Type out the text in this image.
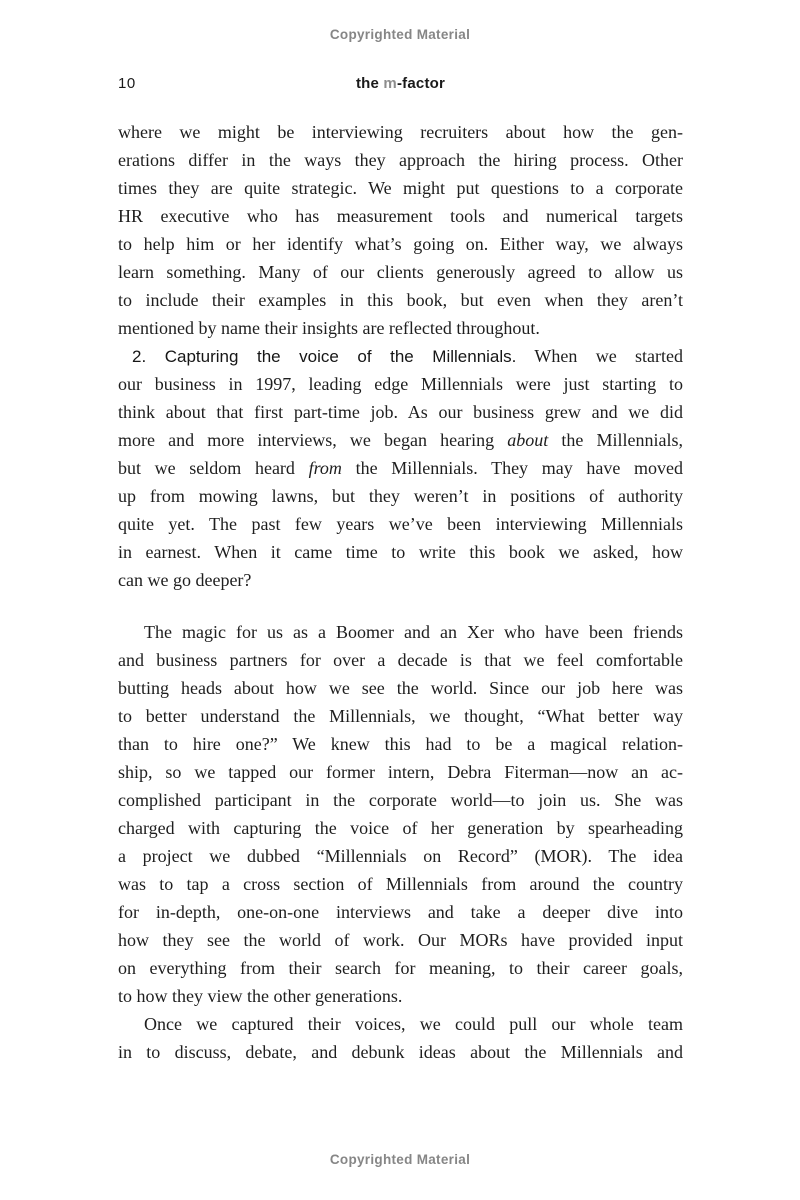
Copyrighted Material
10	the m-factor
where we might be interviewing recruiters about how the gen-
erations differ in the ways they approach the hiring process. Other
times they are quite strategic. We might put questions to a corporate
HR executive who has measurement tools and numerical targets
to help him or her identify what’s going on. Either way, we always
learn something. Many of our clients generously agreed to allow us
to include their examples in this book, but even when they aren’t
mentioned by name their insights are reflected throughout.
2. Capturing the voice of the Millennials. When we started
our business in 1997, leading edge Millennials were just starting to
think about that first part-time job. As our business grew and we did
more and more interviews, we began hearing about the Millennials,
but we seldom heard from the Millennials. They may have moved
up from mowing lawns, but they weren’t in positions of authority
quite yet. The past few years we’ve been interviewing Millennials
in earnest. When it came time to write this book we asked, how
can we go deeper?
The magic for us as a Boomer and an Xer who have been friends
and business partners for over a decade is that we feel comfortable
butting heads about how we see the world. Since our job here was
to better understand the Millennials, we thought, “What better way
than to hire one?” We knew this had to be a magical relation-
ship, so we tapped our former intern, Debra Fiterman—now an ac-
complished participant in the corporate world—to join us. She was
charged with capturing the voice of her generation by spearheading
a project we dubbed “Millennials on Record” (MOR). The idea
was to tap a cross section of Millennials from around the country
for in-depth, one-on-one interviews and take a deeper dive into
how they see the world of work. Our MORs have provided input
on everything from their search for meaning, to their career goals,
to how they view the other generations.
Once we captured their voices, we could pull our whole team
in to discuss, debate, and debunk ideas about the Millennials and
Copyrighted Material
